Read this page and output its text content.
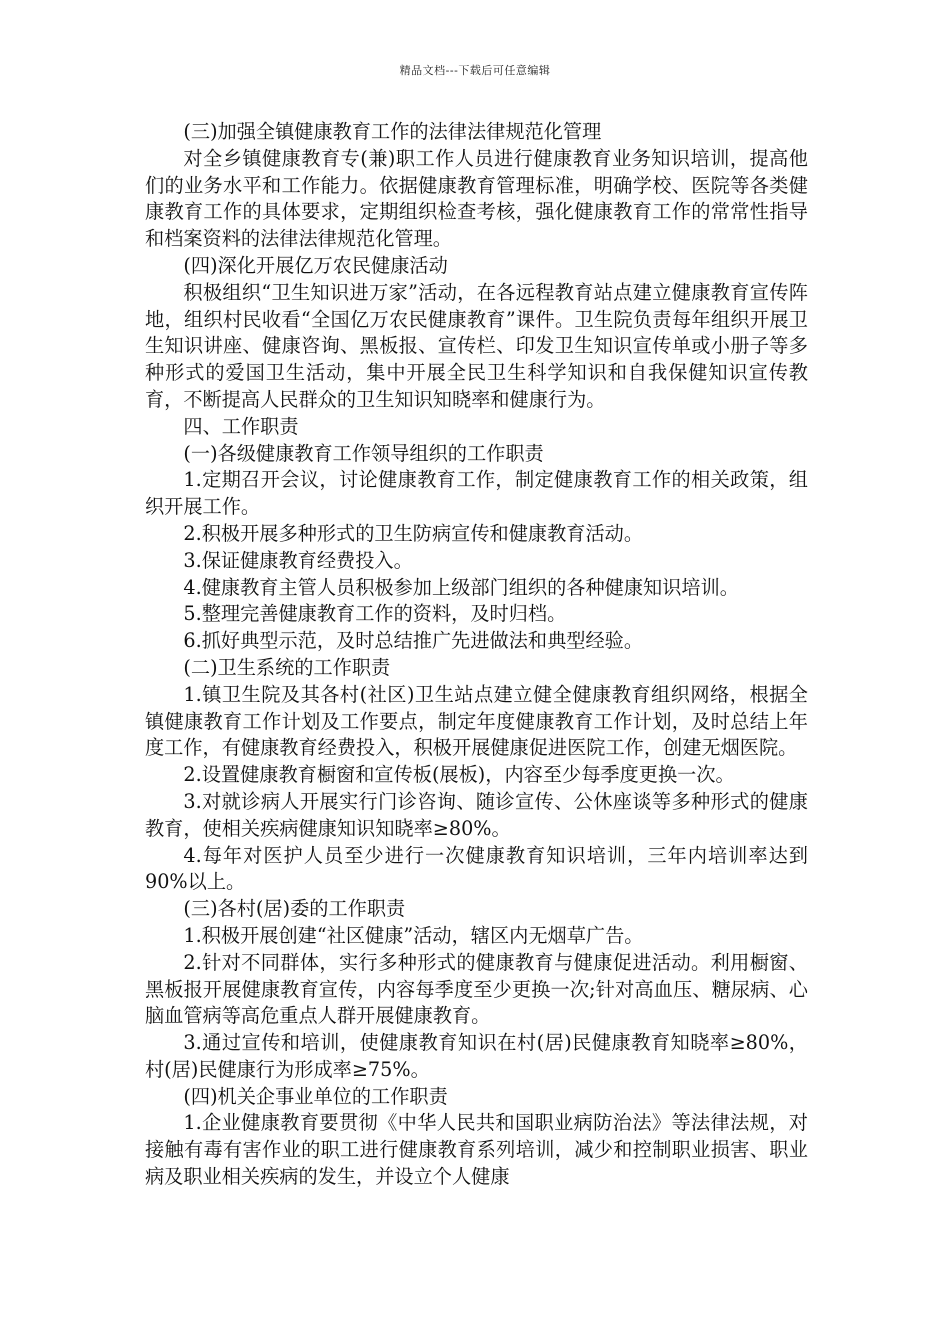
精品文档---下载后可任意编辑

(三)加强全镇健康教育工作的法律法律规范化管理

对全乡镇健康教育专(兼)职工作人员进行健康教育业务知识培训，提高他们的业务水平和工作能力。依据健康教育管理标准，明确学校、医院等各类健康教育工作的具体要求，定期组织检查考核，强化健康教育工作的常常性指导和档案资料的法律法律规范化管理。

(四)深化开展亿万农民健康活动

积极组织“卫生知识进万家”活动，在各远程教育站点建立健康教育宣传阵地，组织村民收看“全国亿万农民健康教育”课件。卫生院负责每年组织开展卫生知识讲座、健康咨询、黑板报、宣传栏、印发卫生知识宣传单或小册子等多种形式的爱国卫生活动，集中开展全民卫生科学知识和自我保健知识宣传教育，不断提高人民群众的卫生知识知晓率和健康行为。

四、工作职责

(一)各级健康教育工作领导组织的工作职责

1.定期召开会议，讨论健康教育工作，制定健康教育工作的相关政策，组织开展工作。

2.积极开展多种形式的卫生防病宣传和健康教育活动。

3.保证健康教育经费投入。

4.健康教育主管人员积极参加上级部门组织的各种健康知识培训。

5.整理完善健康教育工作的资料，及时归档。

6.抓好典型示范，及时总结推广先进做法和典型经验。

(二)卫生系统的工作职责

1.镇卫生院及其各村(社区)卫生站点建立健全健康教育组织网络，根据全镇健康教育工作计划及工作要点，制定年度健康教育工作计划，及时总结上年度工作，有健康教育经费投入，积极开展健康促进医院工作，创建无烟医院。

2.设置健康教育橱窗和宣传板(展板)，内容至少每季度更换一次。

3.对就诊病人开展实行门诊咨询、随诊宣传、公休座谈等多种形式的健康教育，使相关疾病健康知识知晓率≥80%。

4.每年对医护人员至少进行一次健康教育知识培训，三年内培训率达到90%以上。

(三)各村(居)委的工作职责

1.积极开展创建“社区健康”活动，辖区内无烟草广告。

2.针对不同群体，实行多种形式的健康教育与健康促进活动。利用橱窗、黑板报开展健康教育宣传，内容每季度至少更换一次;针对高血压、糖尿病、心脑血管病等高危重点人群开展健康教育。

3.通过宣传和培训，使健康教育知识在村(居)民健康教育知晓率≥80%，村(居)民健康行为形成率≥75%。

(四)机关企事业单位的工作职责

1.企业健康教育要贯彻《中华人民共和国职业病防治法》等法律法规，对接触有毒有害作业的职工进行健康教育系列培训，减少和控制职业损害、职业病及职业相关疾病的发生，并设立个人健康
